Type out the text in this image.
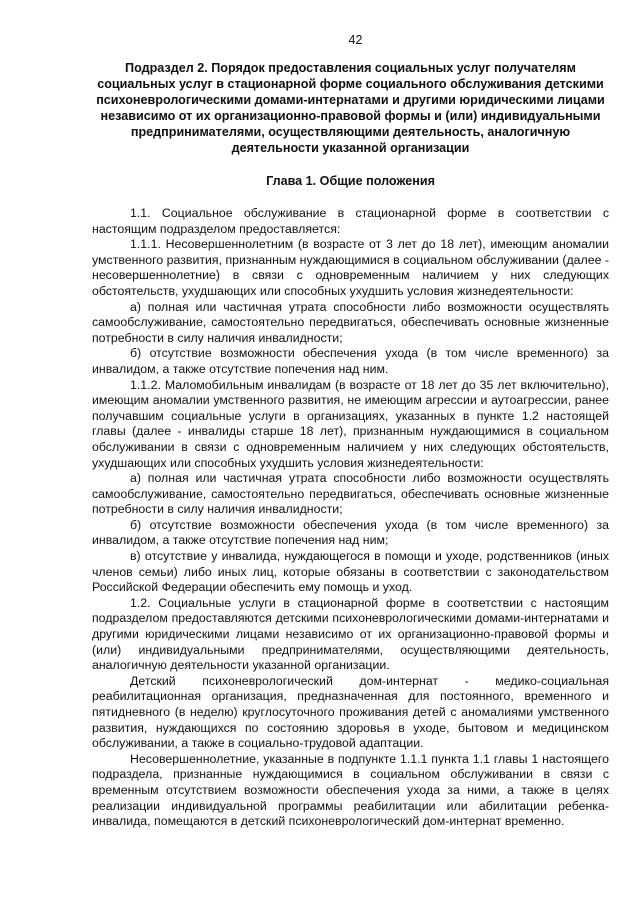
42
Подраздел 2. Порядок предоставления социальных услуг получателям социальных услуг в стационарной форме социального обслуживания детскими психоневрологическими домами-интернатами и другими юридическими лицами независимо от их организационно-правовой формы и (или) индивидуальными предпринимателями, осуществляющими деятельность, аналогичную деятельности указанной организации
Глава 1. Общие положения

1.1. Социальное обслуживание в стационарной форме в соответствии с настоящим подразделом предоставляется:

1.1.1. Несовершеннолетним (в возрасте от 3 лет до 18 лет), имеющим аномалии умственного развития, признанным нуждающимися в социальном обслуживании (далее - несовершеннолетние) в связи с одновременным наличием у них следующих обстоятельств, ухудшающих или способных ухудшить условия жизнедеятельности:

а) полная или частичная утрата способности либо возможности осуществлять самообслуживание, самостоятельно передвигаться, обеспечивать основные жизненные потребности в силу наличия инвалидности;

б) отсутствие возможности обеспечения ухода (в том числе временного) за инвалидом, а также отсутствие попечения над ним.

1.1.2. Маломобильным инвалидам (в возрасте от 18 лет до 35 лет включительно), имеющим аномалии умственного развития, не имеющим агрессии и аутоагрессии, ранее получавшим социальные услуги в организациях, указанных в пункте 1.2 настоящей главы (далее - инвалиды старше 18 лет), признанным нуждающимися в социальном обслуживании в связи с одновременным наличием у них следующих обстоятельств, ухудшающих или способных ухудшить условия жизнедеятельности:

а) полная или частичная утрата способности либо возможности осуществлять самообслуживание, самостоятельно передвигаться, обеспечивать основные жизненные потребности в силу наличия инвалидности;

б) отсутствие возможности обеспечения ухода (в том числе временного) за инвалидом, а также отсутствие попечения над ним;

в) отсутствие у инвалида, нуждающегося в помощи и уходе, родственников (иных членов семьи) либо иных лиц, которые обязаны в соответствии с законодательством Российской Федерации обеспечить ему помощь и уход.

1.2. Социальные услуги в стационарной форме в соответствии с настоящим подразделом предоставляются детскими психоневрологическими домами-интернатами и другими юридическими лицами независимо от их организационно-правовой формы и (или) индивидуальными предпринимателями, осуществляющими деятельность, аналогичную деятельности указанной организации.

Детский психоневрологический дом-интернат - медико-социальная реабилитационная организация, предназначенная для постоянного, временного и пятидневного (в неделю) круглосуточного проживания детей с аномалиями умственного развития, нуждающихся по состоянию здоровья в уходе, бытовом и медицинском обслуживании, а также в социально-трудовой адаптации.

Несовершеннолетние, указанные в подпункте 1.1.1 пункта 1.1 главы 1 настоящего подраздела, признанные нуждающимися в социальном обслуживании в связи с временным отсутствием возможности обеспечения ухода за ними, а также в целях реализации индивидуальной программы реабилитации или абилитации ребенка-инвалида, помещаются в детский психоневрологический дом-интернат временно.
